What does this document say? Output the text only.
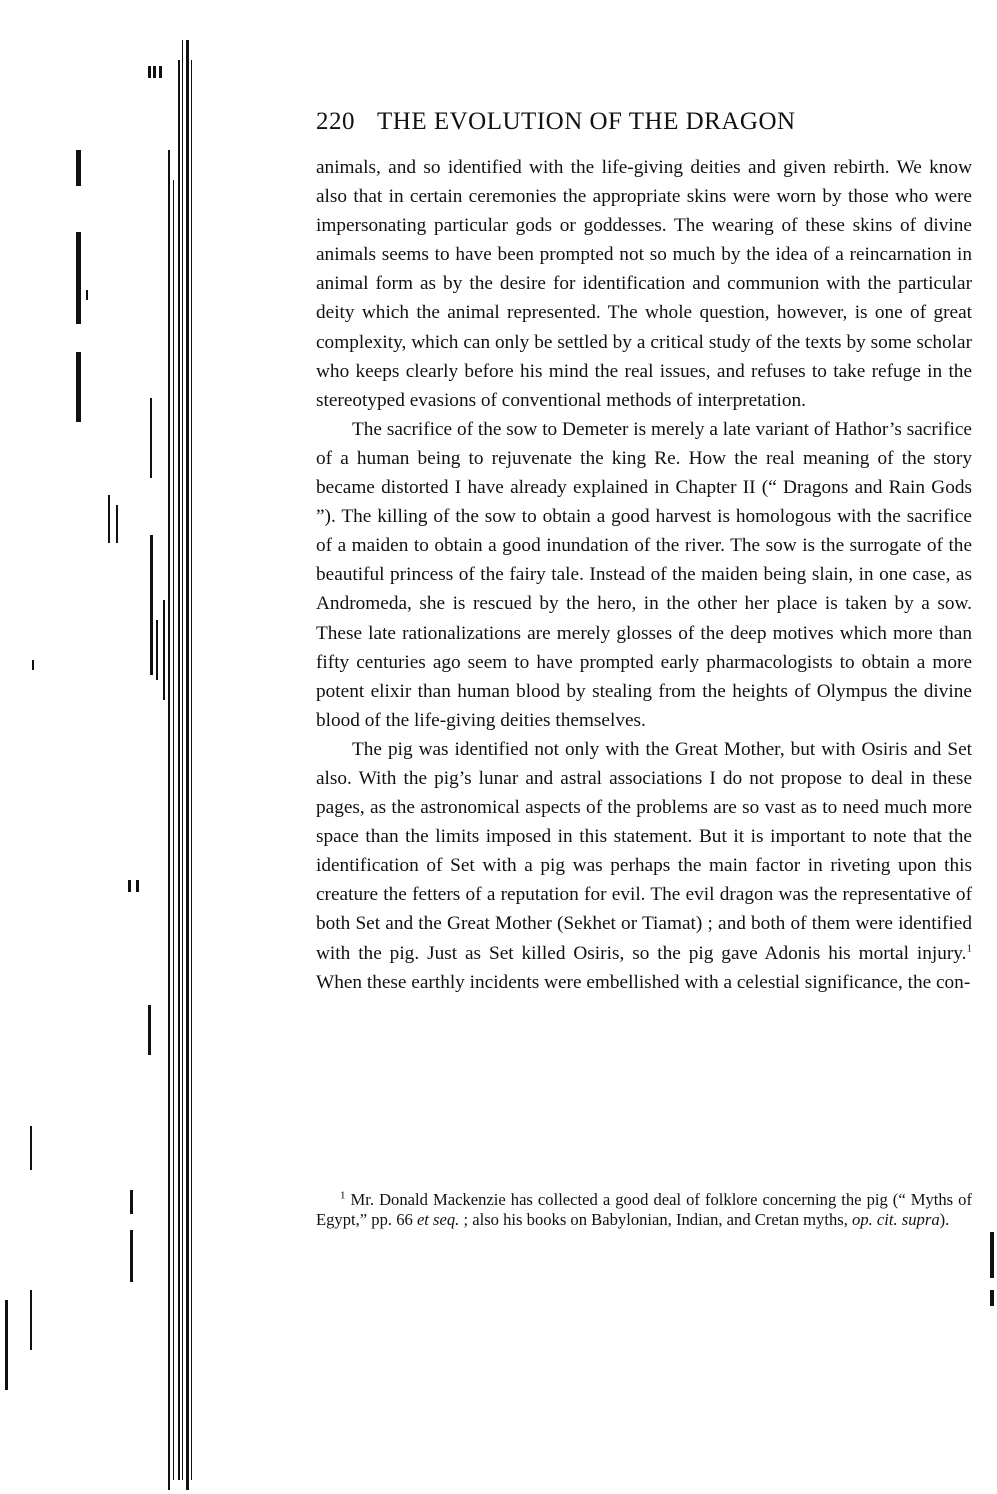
220 THE EVOLUTION OF THE DRAGON

animals, and so identified with the life-giving deities and given rebirth. We know also that in certain ceremonies the appropriate skins were worn by those who were impersonating particular gods or goddesses. The wearing of these skins of divine animals seems to have been prompted not so much by the idea of a reincarnation in animal form as by the desire for identification and communion with the particular deity which the animal represented. The whole question, however, is one of great complexity, which can only be settled by a critical study of the texts by some scholar who keeps clearly before his mind the real issues, and refuses to take refuge in the stereotyped evasions of conventional methods of interpretation.

The sacrifice of the sow to Demeter is merely a late variant of Hathor’s sacrifice of a human being to rejuvenate the king Re. How the real meaning of the story became distorted I have already explained in Chapter II (“ Dragons and Rain Gods ”). The killing of the sow to obtain a good harvest is homologous with the sacrifice of a maiden to obtain a good inundation of the river. The sow is the surrogate of the beautiful princess of the fairy tale. Instead of the maiden being slain, in one case, as Andromeda, she is rescued by the hero, in the other her place is taken by a sow. These late rationalizations are merely glosses of the deep motives which more than fifty centuries ago seem to have prompted early pharmacologists to obtain a more potent elixir than human blood by stealing from the heights of Olympus the divine blood of the life-giving deities themselves.

The pig was identified not only with the Great Mother, but with Osiris and Set also. With the pig’s lunar and astral associations I do not propose to deal in these pages, as the astronomical aspects of the problems are so vast as to need much more space than the limits imposed in this statement. But it is important to note that the identification of Set with a pig was perhaps the main factor in riveting upon this creature the fetters of a reputation for evil. The evil dragon was the representative of both Set and the Great Mother (Sekhet or Tiamat) ; and both of them were identified with the pig. Just as Set killed Osiris, so the pig gave Adonis his mortal injury.$^1$ When these earthly incidents were embellished with a celestial significance, the con-

$^1$ Mr. Donald Mackenzie has collected a good deal of folklore concerning the pig (“ Myths of Egypt,” pp. 66 et seq. ; also his books on Babylonian, Indian, and Cretan myths, op. cit. supra).
